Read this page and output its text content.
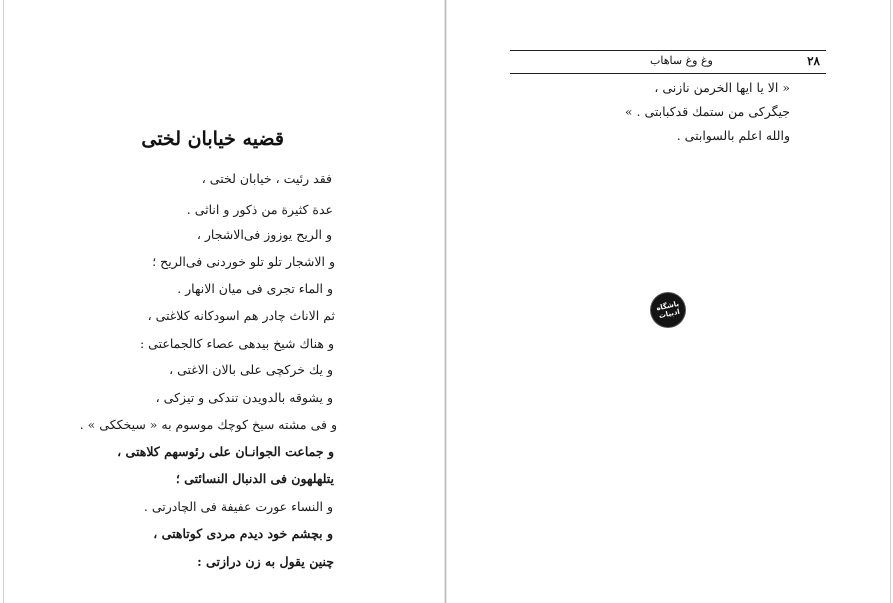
قضیه خیابان لختی
فقد رئیت ، خیابان لختی ،
عدة کثیرة من ذکور و اناثی .
و الریح یوزوز فی‌الاشجار ،
و الاشجار تلو تلو خوردنی فی‌الریح ؛
و الماء تجری فی میان الانهار .
ثم الاناث چادر هم اسودکانه کلاغتی ،
و هناك شیخ بیدهی عصاء کالجماعتی :
و یك خرکچی علی بالان الاغتی ،
و یشوقه بالدویدن تندکی و تیزکی ،
و فی مشته سیخ کوچك موسوم به « سیخککی » .
و جماعت الجوانـان علی رئوسهم کلاهتی ،
یتلهلهون فی الدنبال النسائتی ؛
و النساء عورت عفیفة فی الچادرتی .
و بچشم خود دیدم مردی کوتاهتی ،
چنین یقول به زن درازتی :
۲۸
وغ وغ ساهاب
« الا یا ایها الخرمن نازنی ،
جیگرکی من ستمك قدکبابتی . »
والله اعلم بالسوابتی .
باشگاه
ادبیات
